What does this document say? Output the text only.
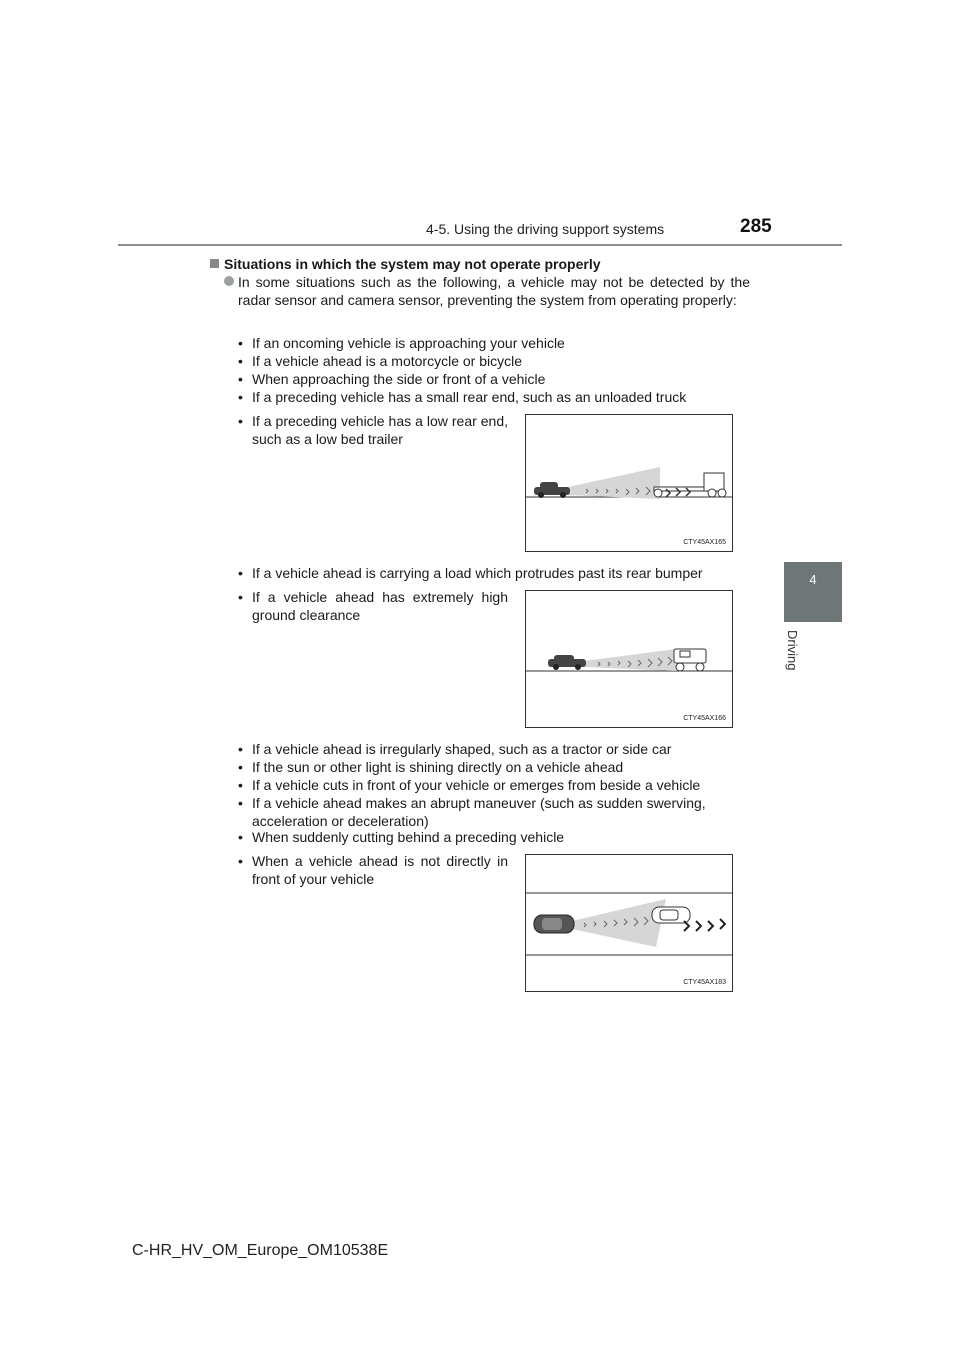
4-5. Using the driving support systems	285
4
Driving
Situations in which the system may not operate properly
In some situations such as the following, a vehicle may not be detected by the radar sensor and camera sensor, preventing the system from operating properly:
• If an oncoming vehicle is approaching your vehicle
• If a vehicle ahead is a motorcycle or bicycle
• When approaching the side or front of a vehicle
• If a preceding vehicle has a small rear end, such as an unloaded truck
• If a preceding vehicle has a low rear end, such as a low bed trailer
CTY45AX165
• If a vehicle ahead is carrying a load which protrudes past its rear bumper
• If a vehicle ahead has extremely high ground clearance
CTY45AX166
• If a vehicle ahead is irregularly shaped, such as a tractor or side car
• If the sun or other light is shining directly on a vehicle ahead
• If a vehicle cuts in front of your vehicle or emerges from beside a vehicle
• If a vehicle ahead makes an abrupt maneuver (such as sudden swerving, acceleration or deceleration)
• When suddenly cutting behind a preceding vehicle
• When a vehicle ahead is not directly in front of your vehicle
CTY45AX183
C-HR_HV_OM_Europe_OM10538E
